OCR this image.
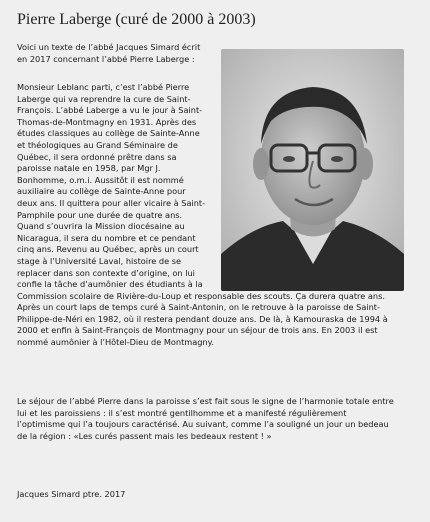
Pierre Laberge (curé de 2000 à 2003)

Voici un texte de l’abbé Jacques Simard écrit
en 2017 concernant l’abbé Pierre Laberge :

Monsieur Leblanc parti, c’est l’abbé Pierre
Laberge qui va reprendre la cure de Saint-
François. L’abbé Laberge a vu le jour à Saint-
Thomas-de-Montmagny en 1931. Après des
études classiques au collège de Sainte-Anne
et théologiques au Grand Séminaire de
Québec, il sera ordonné prêtre dans sa
paroisse natale en 1958, par Mgr J.
Bonhomme, o.m.i. Aussitôt il est nommé
auxiliaire au collège de Sainte-Anne pour
deux ans. Il quittera pour aller vicaire à Saint-
Pamphile pour une durée de quatre ans.
Quand s’ouvrira la Mission diocésaine au
Nicaragua, il sera du nombre et ce pendant
cinq ans. Revenu au Québec, après un court
stage à l’Université Laval, histoire de se
replacer dans son contexte d’origine, on lui
confie la tâche d’aumônier des étudiants à la
Commission scolaire de Rivière-du-Loup et responsable des scouts. Ça durera quatre ans.
Après un court laps de temps curé à Saint-Antonin, on le retrouve à la paroisse de Saint-
Philippe-de-Néri en 1982, où il restera pendant douze ans. De là, à Kamouraska de 1994 à
2000 et enfin à Saint-François de Montmagny pour un séjour de trois ans. En 2003 il est
nommé aumônier à l’Hôtel-Dieu de Montmagny.

Le séjour de l’abbé Pierre dans la paroisse s’est fait sous le signe de l’harmonie totale entre
lui et les paroissiens : il s’est montré gentilhomme et a manifesté régulièrement
l’optimisme qui l’a toujours caractérisé. Au suivant, comme l’a souligné un jour un bedeau
de la région : «Les curés passent mais les bedeaux restent ! »

Jacques Simard ptre. 2017
